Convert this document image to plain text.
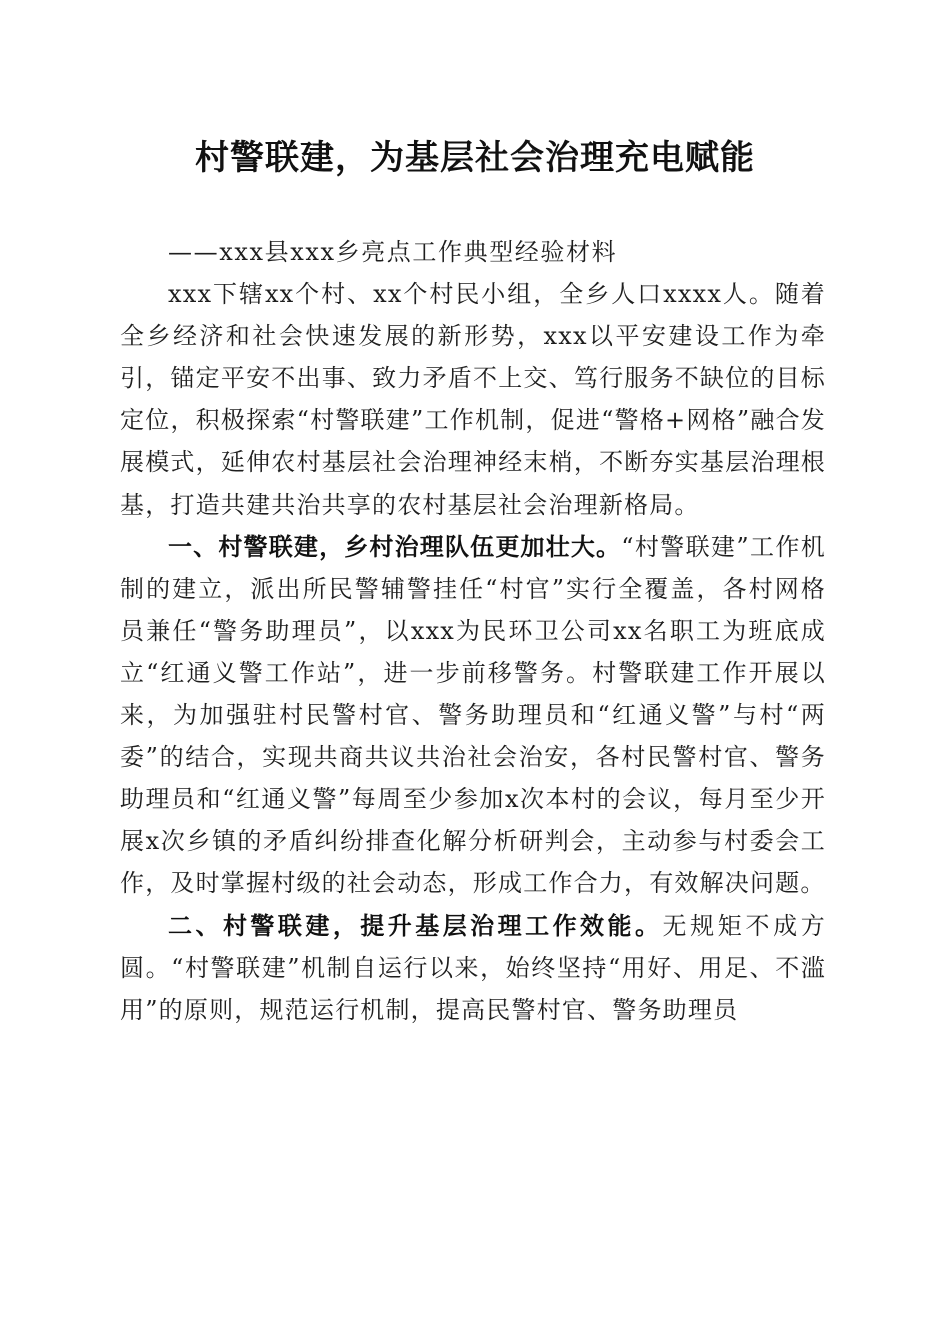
村警联建，为基层社会治理充电赋能

——xxx县xxx乡亮点工作典型经验材料

xxx下辖xx个村、xx个村民小组，全乡人口xxxx人。随着全乡经济和社会快速发展的新形势，xxx以平安建设工作为牵引，锚定平安不出事、致力矛盾不上交、笃行服务不缺位的目标定位，积极探索“村警联建”工作机制，促进“警格+网格”融合发展模式，延伸农村基层社会治理神经末梢，不断夯实基层治理根基，打造共建共治共享的农村基层社会治理新格局。

一、村警联建，乡村治理队伍更加壮大。“村警联建”工作机制的建立，派出所民警辅警挂任“村官”实行全覆盖，各村网格员兼任“警务助理员”，以xxx为民环卫公司xx名职工为班底成立“红通义警工作站”，进一步前移警务。村警联建工作开展以来，为加强驻村民警村官、警务助理员和“红通义警”与村“两委”的结合，实现共商共议共治社会治安，各村民警村官、警务助理员和“红通义警”每周至少参加x次本村的会议，每月至少开展x次乡镇的矛盾纠纷排查化解分析研判会，主动参与村委会工作，及时掌握村级的社会动态，形成工作合力，有效解决问题。

二、村警联建，提升基层治理工作效能。无规矩不成方圆。“村警联建”机制自运行以来，始终坚持“用好、用足、不滥用”的原则，规范运行机制，提高民警村官、警务助理员
